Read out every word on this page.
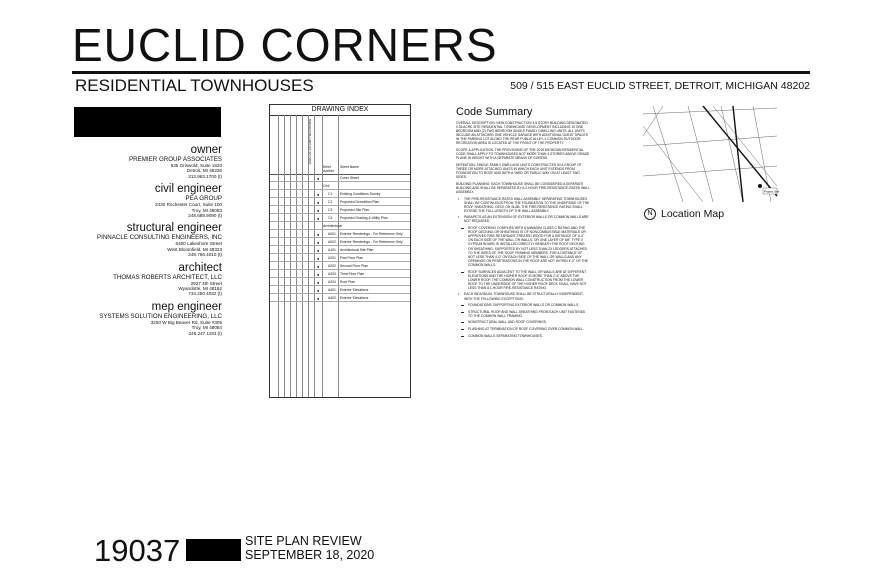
EUCLID CORNERS
RESIDENTIAL TOWNHOUSES	509 / 515 EAST EUCLID STREET, DETROIT, MICHIGAN 48202
owner
PREMIER GROUP ASSOCIATES
535 Griswold, Suite 1820
Detroit, MI 48226
313.963.1700 (t)
civil engineer
PEA GROUP
2430 Rochester Court, Suite 100
Troy, MI 48083
248.689.9090 (t)
structural engineer
PINNACLE CONSULTING ENGINEERS, INC
6400 Lakeshore Street
West Bloomfield, MI 48323
248.766.4010 (t)
architect
THOMAS ROBERTS ARCHITECT, LLC
2927 4th Street
Wyandotte, MI 48192
734.250.4032 (t)
mep engineer
SYSTEMS SOLUTION ENGINEERING, LLC
3250 W Big Beaver Rd, Suite #305
Troy, MI 48084
248.247.1193 (t)
DRAWING INDEX
2020-09-18 Site Plan Review
Sheet Number
Sheet Name
●	Cover Sheet
Civil
●	C1 Existing Conditions Survey
●	C2 Proposed Demolition Plan
●	C3 Proposed Site Plan
●	C4 Proposed Grading & Utility Plan
Architectural
●	A001 Exterior Renderings - For Reference Only
●	A002 Exterior Renderings - For Reference Only
●	A101 Architectural Site Plan
●	A201 First Floor Plan
●	A202 Second Floor Plan
●	A203 Third Floor Plan
●	A204 Roof Plan
●	A401 Exterior Elevations
●	A402 Exterior Elevations
Code Summary

OVERALL DESCRIPTION: NEW CONSTRUCTION 3.5 STORY BUILDING DESIGNATED 0.35 ACRE SITE RESIDENTIAL TOWNHOUSE DEVELOPMENT INCLUDING 10 ONE BEDROOM AND (2) TWO BEDROOM SINGLE FAMILY DWELLING UNITS. ALL UNITS INCLUDE AN ATTACHED ONE VEHICLE GARAGE WITH ADDITIONAL GUEST SPACES IN THE PARKING LOT ALONG THE REAR PUBLIC ALLEY. 4 COMMON OUTDOOR RECREATION AREA IS LOCATED AT THE FRONT OF THE PROPERTY.

SCOPE & APPLICATION: THE PROVISIONS OF THE 2015 MICHIGAN RESIDENTIAL CODE SHALL APPLY TO TOWNHOUSES NOT MORE THAN 3 STORIES ABOVE GRADE PLANE IN HEIGHT WITH A SEPARATE MEANS OF EGRESS.

DEFINITION: SINGLE-FAMILY DWELLING UNITS CONSTRUCTED IN A GROUP OF THREE OR MORE ATTACHED UNITS IN WHICH EACH UNIT EXTENDS FROM FOUNDATION TO ROOF AND WITH A YARD OR PUBLIC WAY ON AT LEAST TWO SIDES.

BUILDING PLANNING: EACH TOWNHOUSE SHALL BE CONSIDERED A SEPARATE BUILDING AND SHALL BE SEPARATED BY A 2-HOUR FIRE-RESISTANCE-RATED WALL ASSEMBLY.

• THE FIRE-RESISTANCE-RATED WALL ASSEMBLY SEPARATING TOWNHOUSES SHALL BE CONTINUOUS FROM THE FOUNDATION TO THE UNDERSIDE OF THE ROOF SHEATHING, DECK OR SLAB. THE FIRE-RESISTANCE RATING SHALL EXTEND THE FULL LENGTH OF THE WALL ASSEMBLY.

• PARAPETS AS AN EXTENSION OF EXTERIOR WALLS OR COMMON WALLS ARE NOT REQUIRED.

▬ ROOF COVERING COMPLIES WITH A MINIMUM CLASS C RATING AND THE ROOF DECKING OR SHEATHING IS OF NONCOMBUSTIBLE MATERIALS OR APPROVED FIRE-RETARDANT-TREATED WOOD FOR A DISTANCE OF 4'-0" ON EACH SIDE OF THE WALL OR WALLS, OR ONE LAYER OF 5/8" TYPE X GYPSUM BOARD IS INSTALLED DIRECTLY BENEATH THE ROOF DECKING OR SHEATHING, SUPPORTED BY NOT LESS THAN 2X LEDGERS ATTACHED TO THE SIDES OF THE ROOF FRAMING MEMBERS, FOR A DISTANCE OF NOT LESS THAN 4'-0" ON EACH SIDE OF THE WALL OR WALLS AND ANY OPENINGS OR PENETRATIONS IN THE ROOF ARE NOT WITHIN 4'-0" OF THE COMMON WALLS.

▬ ROOF SURFACES ADJACENT TO THE WALL OR WALLS ARE AT DIFFERENT ELEVATIONS AND THE HIGHER ROOF IS MORE THAN 2'-6" ABOVE THE LOWER ROOF. THE COMMON WALL CONSTRUCTION FROM THE LOWER ROOF TO THE UNDERSIDE OF THE HIGHER ROOF DECK SHALL HAVE NOT LESS THAN A 1-HOUR FIRE-RESISTANCE RATING.

• EACH INDIVIDUAL TOWNHOUSE SHALL BE STRUCTURALLY INDEPENDENT, WITH THE FOLLOWING EXCEPTIONS:

▬ FOUNDATIONS SUPPORTING EXTERIOR WALLS OR COMMON WALLS.

▬ STRUCTURAL ROOF AND WALL SHEATHING FROM EACH UNIT FASTENED TO THE COMMON WALL FRAMING.

▬ NONSTRUCTURAL WALL AND ROOF COVERINGS.

▬ FLASHING AT TERMINATION OF ROOF COVERING OVER COMMON WALL.

▬ COMMON WALLS SEPARATING TOWNHOUSES.

Project Site
N Location Map
19037	SITE PLAN REVIEW
SEPTEMBER 18, 2020
